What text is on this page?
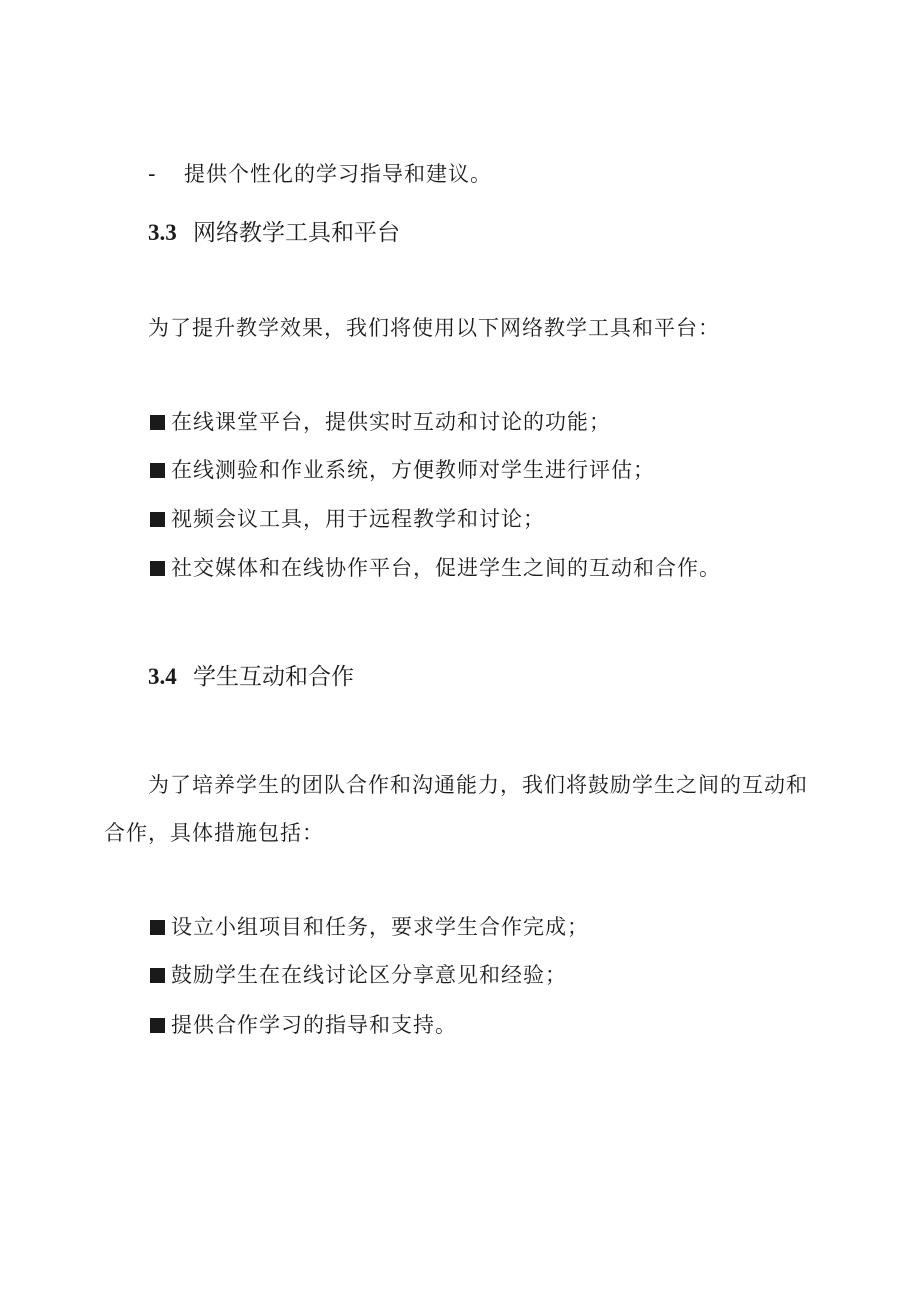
- 提供个性化的学习指导和建议。
3.3 网络教学工具和平台
为了提升教学效果，我们将使用以下网络教学工具和平台：
在线课堂平台，提供实时互动和讨论的功能；
在线测验和作业系统，方便教师对学生进行评估；
视频会议工具，用于远程教学和讨论；
社交媒体和在线协作平台，促进学生之间的互动和合作。
3.4 学生互动和合作
为了培养学生的团队合作和沟通能力，我们将鼓励学生之间的互动和
合作，具体措施包括：
设立小组项目和任务，要求学生合作完成；
鼓励学生在在线讨论区分享意见和经验；
提供合作学习的指导和支持。
